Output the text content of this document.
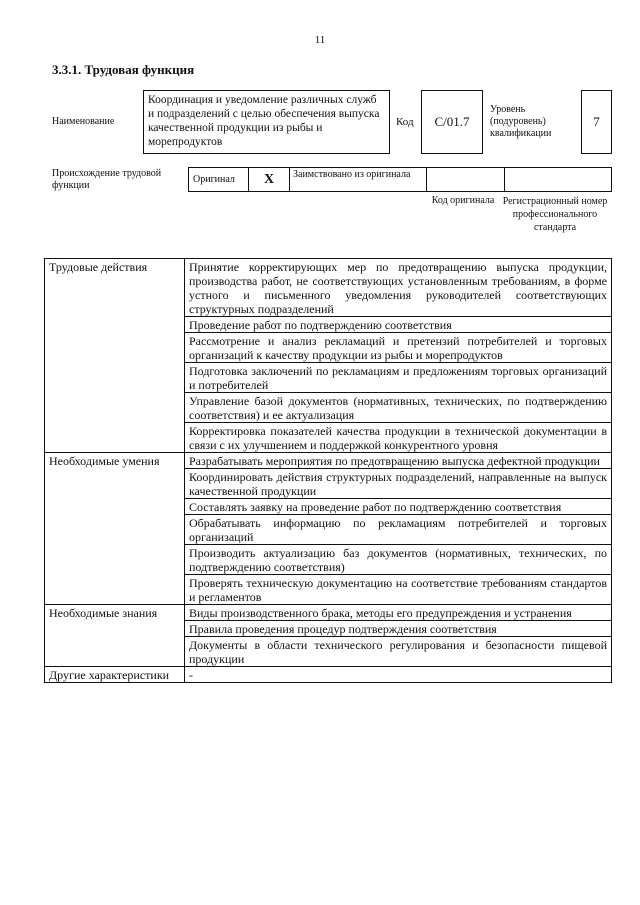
11
3.3.1. Трудовая функция
Наименование
Координация и уведомление различных служб и подразделений с целью обеспечения выпуска качественной продукции из рыбы и морепродуктов
Код	С/01.7
Уровень (подуровень) квалификации
7
Происхождение трудовой функции
Оригинал	X	Заимствовано из оригинала
Код оригинала Регистрационный номер профессионального стандарта
Трудовые действия	Принятие корректирующих мер по предотвращению выпуска продукции, производства работ, не соответствующих установленным требованиям, в форме устного и письменного уведомления руководителей соответствующих структурных подразделений
	Проведение работ по подтверждению соответствия
	Рассмотрение и анализ рекламаций и претензий потребителей и торговых организаций к качеству продукции из рыбы и морепродуктов
	Подготовка заключений по рекламациям и предложениям торговых организаций и потребителей
	Управление базой документов (нормативных, технических, по подтверждению соответствия) и ее актуализация
	Корректировка показателей качества продукции в технической документации в связи с их улучшением и поддержкой конкурентного уровня
Необходимые умения	Разрабатывать мероприятия по предотвращению выпуска дефектной продукции
	Координировать действия структурных подразделений, направленные на выпуск качественной продукции
	Составлять заявку на проведение работ по подтверждению соответствия
	Обрабатывать информацию по рекламациям потребителей и торговых организаций
	Производить актуализацию баз документов (нормативных, технических, по подтверждению соответствия)
	Проверять техническую документацию на соответствие требованиям стандартов и регламентов
Необходимые знания	Виды производственного брака, методы его предупреждения и устранения
	Правила проведения процедур подтверждения соответствия
	Документы в области технического регулирования и безопасности пищевой продукции
Другие характеристики	-
